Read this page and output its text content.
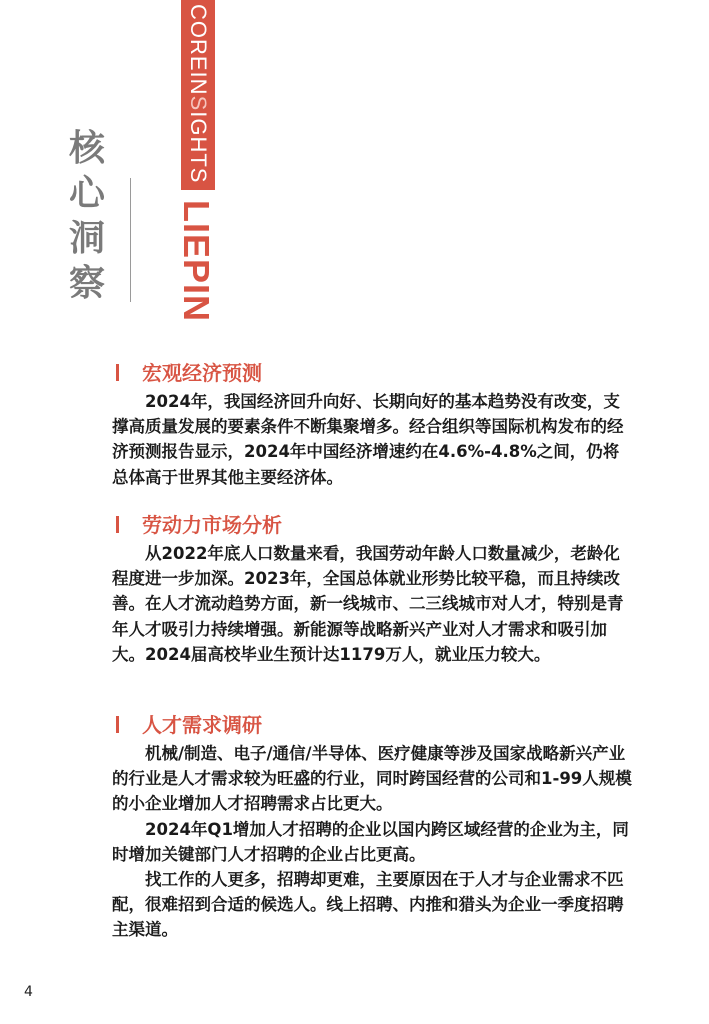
核
心
洞
察
COREINSIGHTS
LIEPIN
宏观经济预测

2024年，我国经济回升向好、长期向好的基本趋势没有改变，支撑高质量发展的要素条件不断集聚增多。经合组织等国际机构发布的经济预测报告显示，2024年中国经济增速约在4.6%-4.8%之间，仍将总体高于世界其他主要经济体。

劳动力市场分析

从2022年底人口数量来看，我国劳动年龄人口数量减少，老龄化程度进一步加深。2023年，全国总体就业形势比较平稳，而且持续改善。在人才流动趋势方面，新一线城市、二三线城市对人才，特别是青年人才吸引力持续增强。新能源等战略新兴产业对人才需求和吸引加大。2024届高校毕业生预计达1179万人，就业压力较大。

人才需求调研

机械/制造、电子/通信/半导体、医疗健康等涉及国家战略新兴产业的行业是人才需求较为旺盛的行业，同时跨国经营的公司和1-99人规模的小企业增加人才招聘需求占比更大。

2024年Q1增加人才招聘的企业以国内跨区域经营的企业为主，同时增加关键部门人才招聘的企业占比更高。

找工作的人更多，招聘却更难，主要原因在于人才与企业需求不匹配，很难招到合适的候选人。线上招聘、内推和猎头为企业一季度招聘主渠道。

4
